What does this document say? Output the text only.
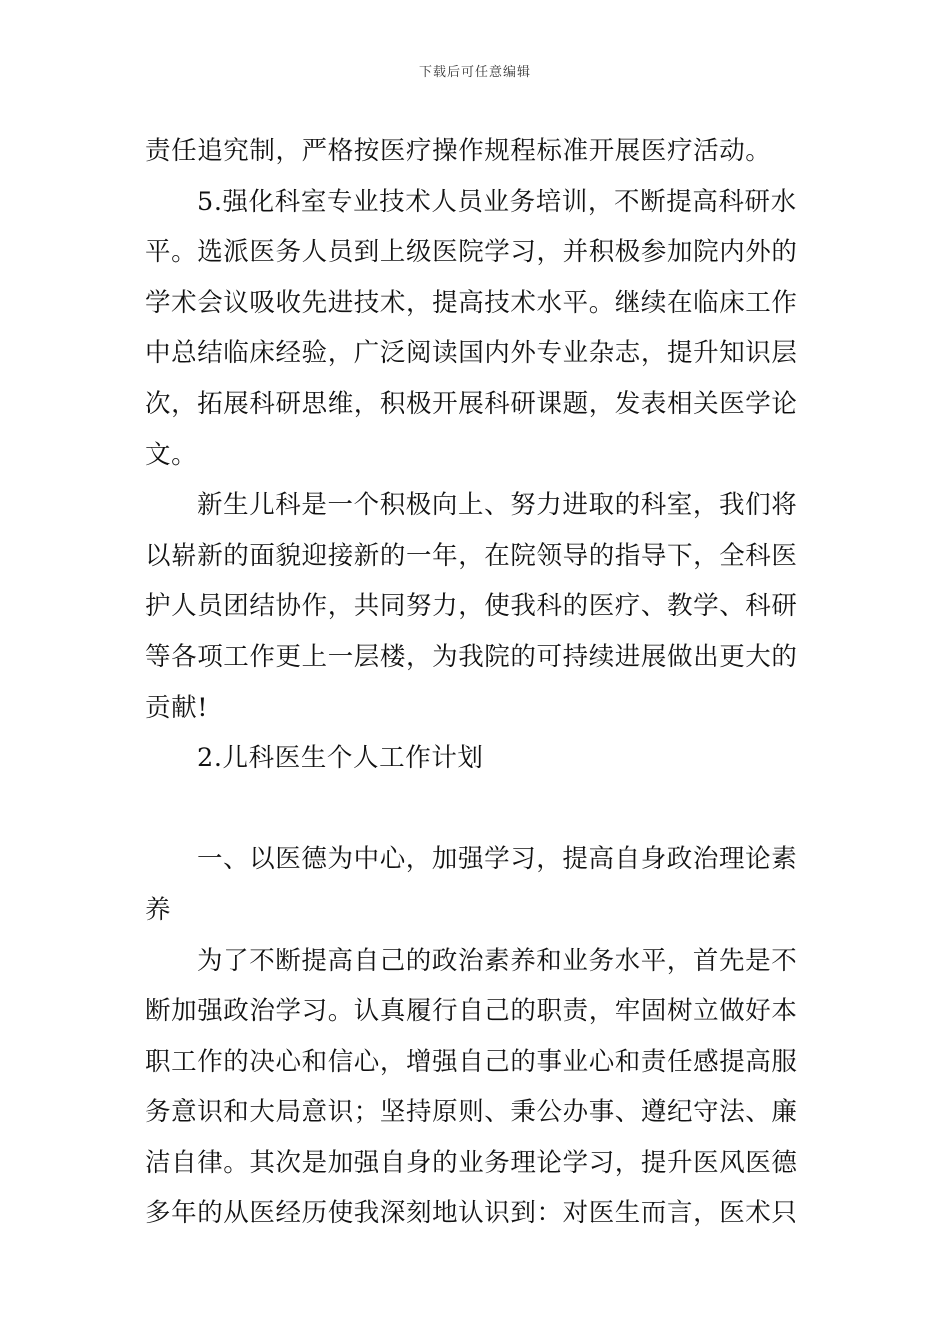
下载后可任意编辑
责任追究制，严格按医疗操作规程标准开展医疗活动。
5.强化科室专业技术人员业务培训，不断提高科研水
平。选派医务人员到上级医院学习，并积极参加院内外的
学术会议吸收先进技术，提高技术水平。继续在临床工作
中总结临床经验，广泛阅读国内外专业杂志，提升知识层
次，拓展科研思维，积极开展科研课题，发表相关医学论
文。
新生儿科是一个积极向上、努力进取的科室，我们将
以崭新的面貌迎接新的一年，在院领导的指导下，全科医
护人员团结协作，共同努力，使我科的医疗、教学、科研
等各项工作更上一层楼，为我院的可持续进展做出更大的
贡献!
2.儿科医生个人工作计划
一、以医德为中心，加强学习，提高自身政治理论素
养
为了不断提高自己的政治素养和业务水平，首先是不
断加强政治学习。认真履行自己的职责，牢固树立做好本
职工作的决心和信心，增强自己的事业心和责任感提高服
务意识和大局意识；坚持原则、秉公办事、遵纪守法、廉
洁自律。其次是加强自身的业务理论学习，提升医风医德
多年的从医经历使我深刻地认识到：对医生而言，医术只
